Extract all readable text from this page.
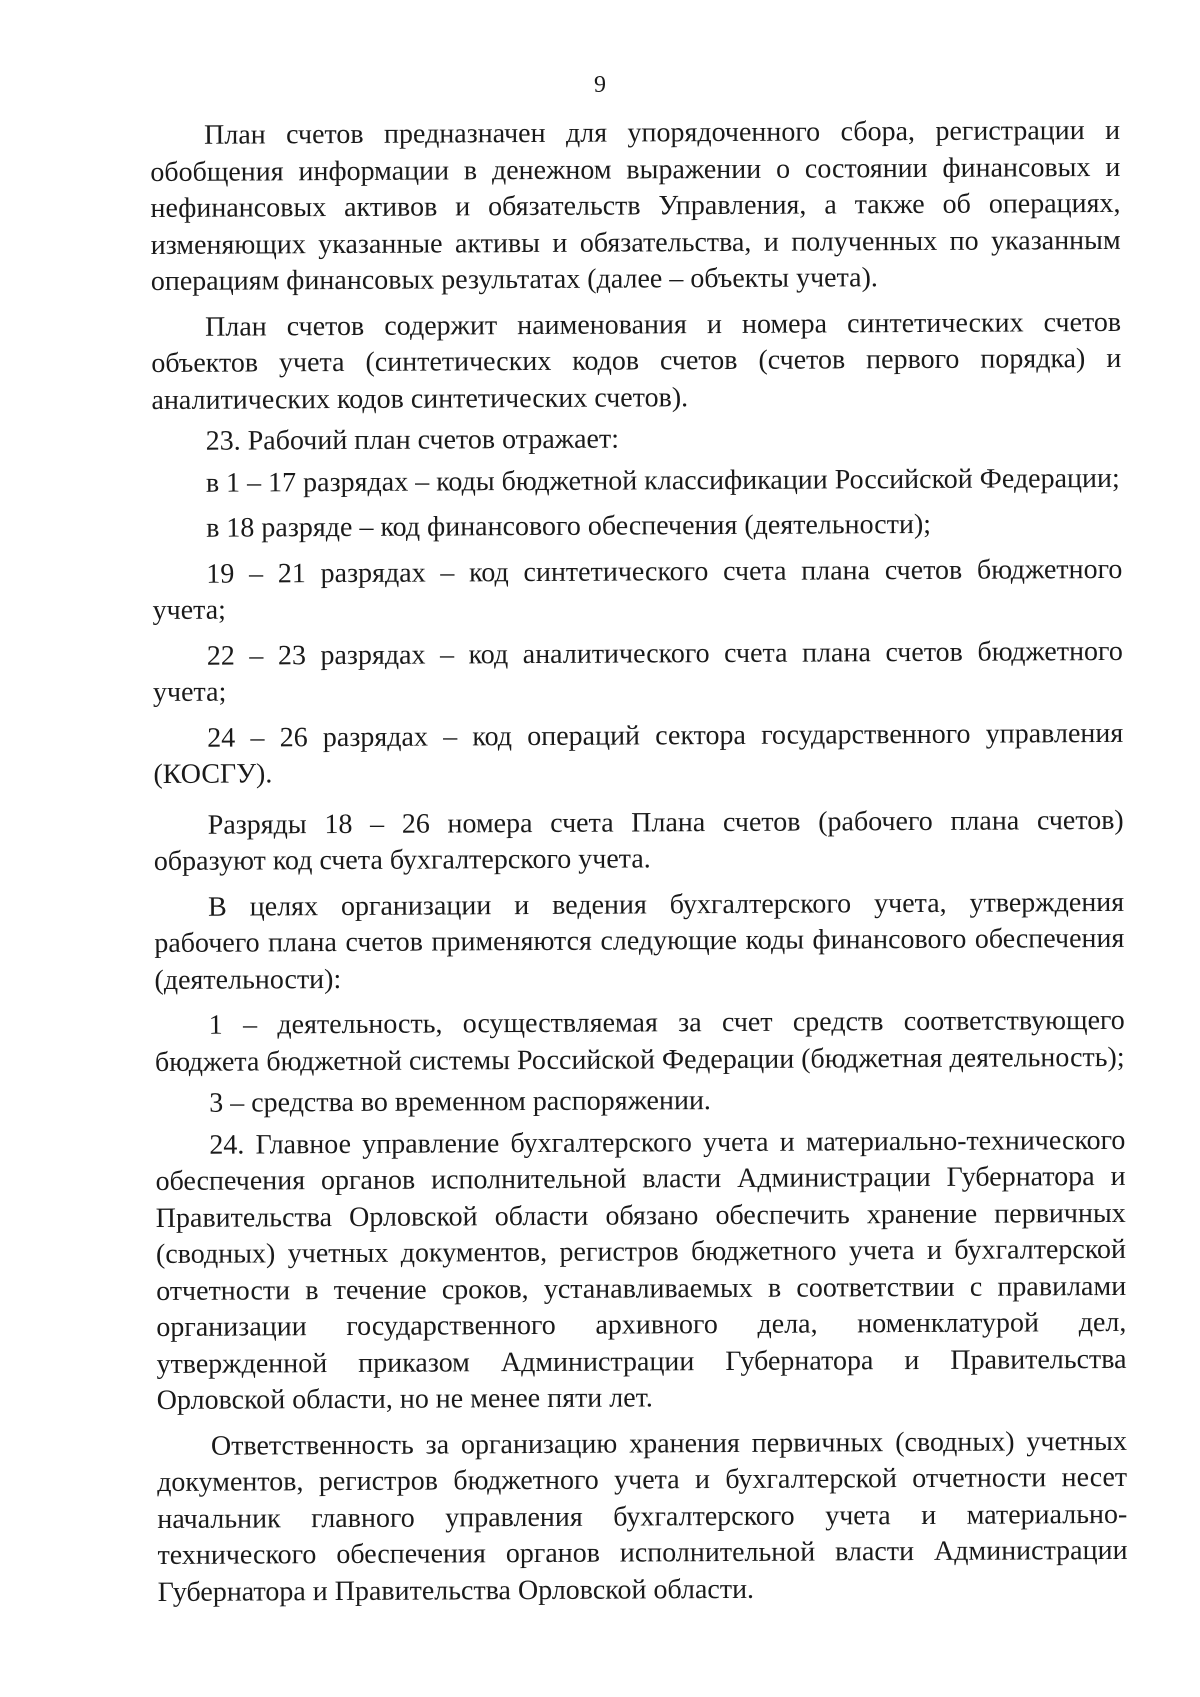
9

План счетов предназначен для упорядоченного сбора, регистрации и обобщения информации в денежном выражении о состоянии финансовых и нефинансовых активов и обязательств Управления, а также об операциях, изменяющих указанные активы и обязательства, и полученных по указанным операциям финансовых результатах (далее – объекты учета).

План счетов содержит наименования и номера синтетических счетов объектов учета (синтетических кодов счетов (счетов первого порядка) и аналитических кодов синтетических счетов).

23. Рабочий план счетов отражает:

в 1 – 17 разрядах – коды бюджетной классификации Российской Федерации;

в 18 разряде – код финансового обеспечения (деятельности);

19 – 21 разрядах – код синтетического счета плана счетов бюджетного учета;

22 – 23 разрядах – код аналитического счета плана счетов бюджетного учета;

24 – 26 разрядах – код операций сектора государственного управления (КОСГУ).

Разряды 18 – 26 номера счета Плана счетов (рабочего плана счетов) образуют код счета бухгалтерского учета.

В целях организации и ведения бухгалтерского учета, утверждения рабочего плана счетов применяются следующие коды финансового обеспечения (деятельности):

1 – деятельность, осуществляемая за счет средств соответствующего бюджета бюджетной системы Российской Федерации (бюджетная деятельность);

3 – средства во временном распоряжении.

24. Главное управление бухгалтерского учета и материально-технического обеспечения органов исполнительной власти Администрации Губернатора и Правительства Орловской области обязано обеспечить хранение первичных (сводных) учетных документов, регистров бюджетного учета и бухгалтерской отчетности в течение сроков, устанавливаемых в соответствии с правилами организации государственного архивного дела, номенклатурой дел, утвержденной приказом Администрации Губернатора и Правительства Орловской области, но не менее пяти лет.

Ответственность за организацию хранения первичных (сводных) учетных документов, регистров бюджетного учета и бухгалтерской отчетности несет начальник главного управления бухгалтерского учета и материально-технического обеспечения органов исполнительной власти Администрации Губернатора и Правительства Орловской области.
